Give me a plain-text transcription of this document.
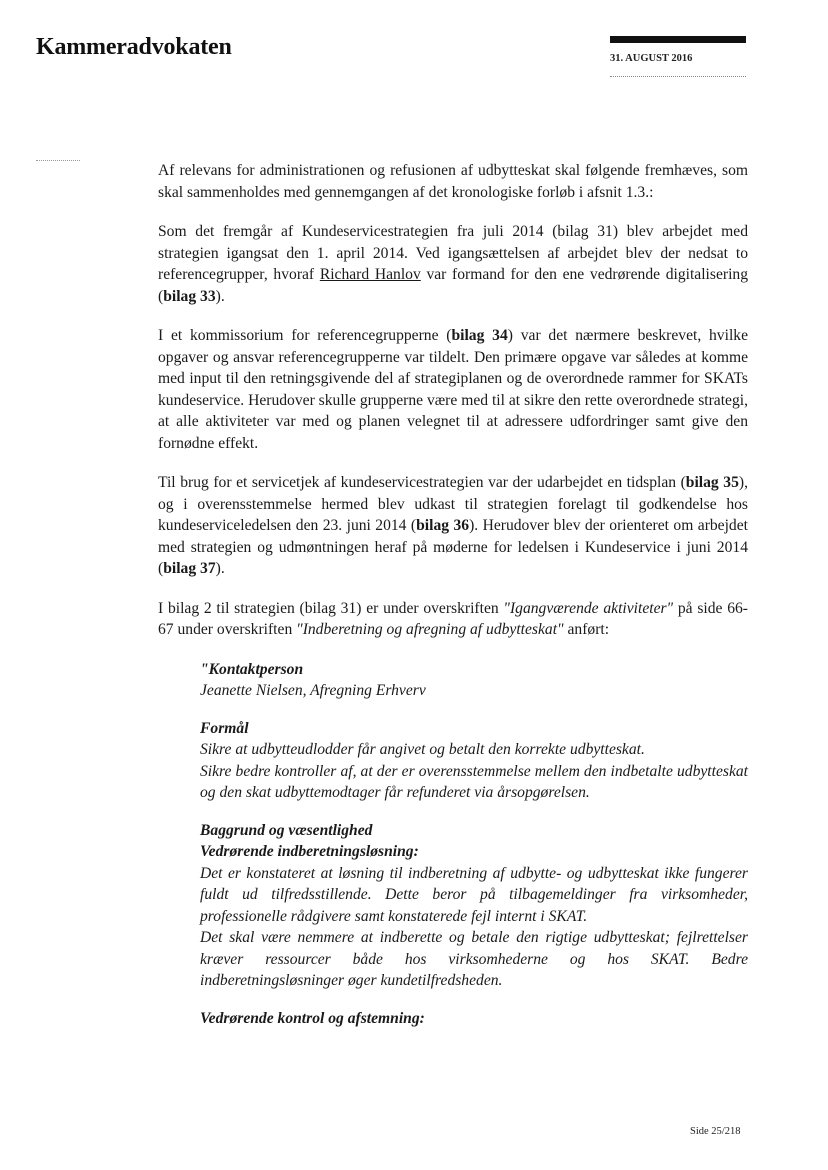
Kammeradvokaten	31. AUGUST 2016

Af relevans for administrationen og refusionen af udbytteskat skal følgende fremhæves, som skal sammenholdes med gennemgangen af det kronologiske forløb i afsnit 1.3.:

Som det fremgår af Kundeservicestrategien fra juli 2014 (bilag 31) blev arbejdet med strategien igangsat den 1. april 2014. Ved igangsættelsen af arbejdet blev der nedsat to referencegrupper, hvoraf Richard Hanlov var formand for den ene vedrørende digitalisering (bilag 33).

I et kommissorium for referencegrupperne (bilag 34) var det nærmere beskrevet, hvilke opgaver og ansvar referencegrupperne var tildelt. Den primære opgave var således at komme med input til den retningsgivende del af strategiplanen og de overordnede rammer for SKATs kundeservice. Herudover skulle grupperne være med til at sikre den rette overordnede strategi, at alle aktiviteter var med og planen velegnet til at adressere udfordringer samt give den fornødne effekt.

Til brug for et servicetjek af kundeservicestrategien var der udarbejdet en tidsplan (bilag 35), og i overensstemmelse hermed blev udkast til strategien forelagt til godkendelse hos kundeserviceledelsen den 23. juni 2014 (bilag 36). Herudover blev der orienteret om arbejdet med strategien og udmøntningen heraf på møderne for ledelsen i Kundeservice i juni 2014 (bilag 37).

I bilag 2 til strategien (bilag 31) er under overskriften "Igangværende aktiviteter" på side 66-67 under overskriften "Indberetning og afregning af udbytteskat" anført:

"Kontaktperson
Jeanette Nielsen, Afregning Erhverv
Formål
Sikre at udbytteudlodder får angivet og betalt den korrekte udbytteskat.
Sikre bedre kontroller af, at der er overensstemmelse mellem den indbetalte udbytteskat og den skat udbyttemodtager får refunderet via årsopgørelsen.
Baggrund og væsentlighed
Vedrørende indberetningsløsning:
Det er konstateret at løsning til indberetning af udbytte- og udbytteskat ikke fungerer fuldt ud tilfredsstillende. Dette beror på tilbagemeldinger fra virksomheder, professionelle rådgivere samt konstaterede fejl internt i SKAT.
Det skal være nemmere at indberette og betale den rigtige udbytteskat; fejlrettelser kræver ressourcer både hos virksomhederne og hos SKAT. Bedre indberetningsløsninger øger kundetilfredsheden.
Vedrørende kontrol og afstemning:
Side 25/218
